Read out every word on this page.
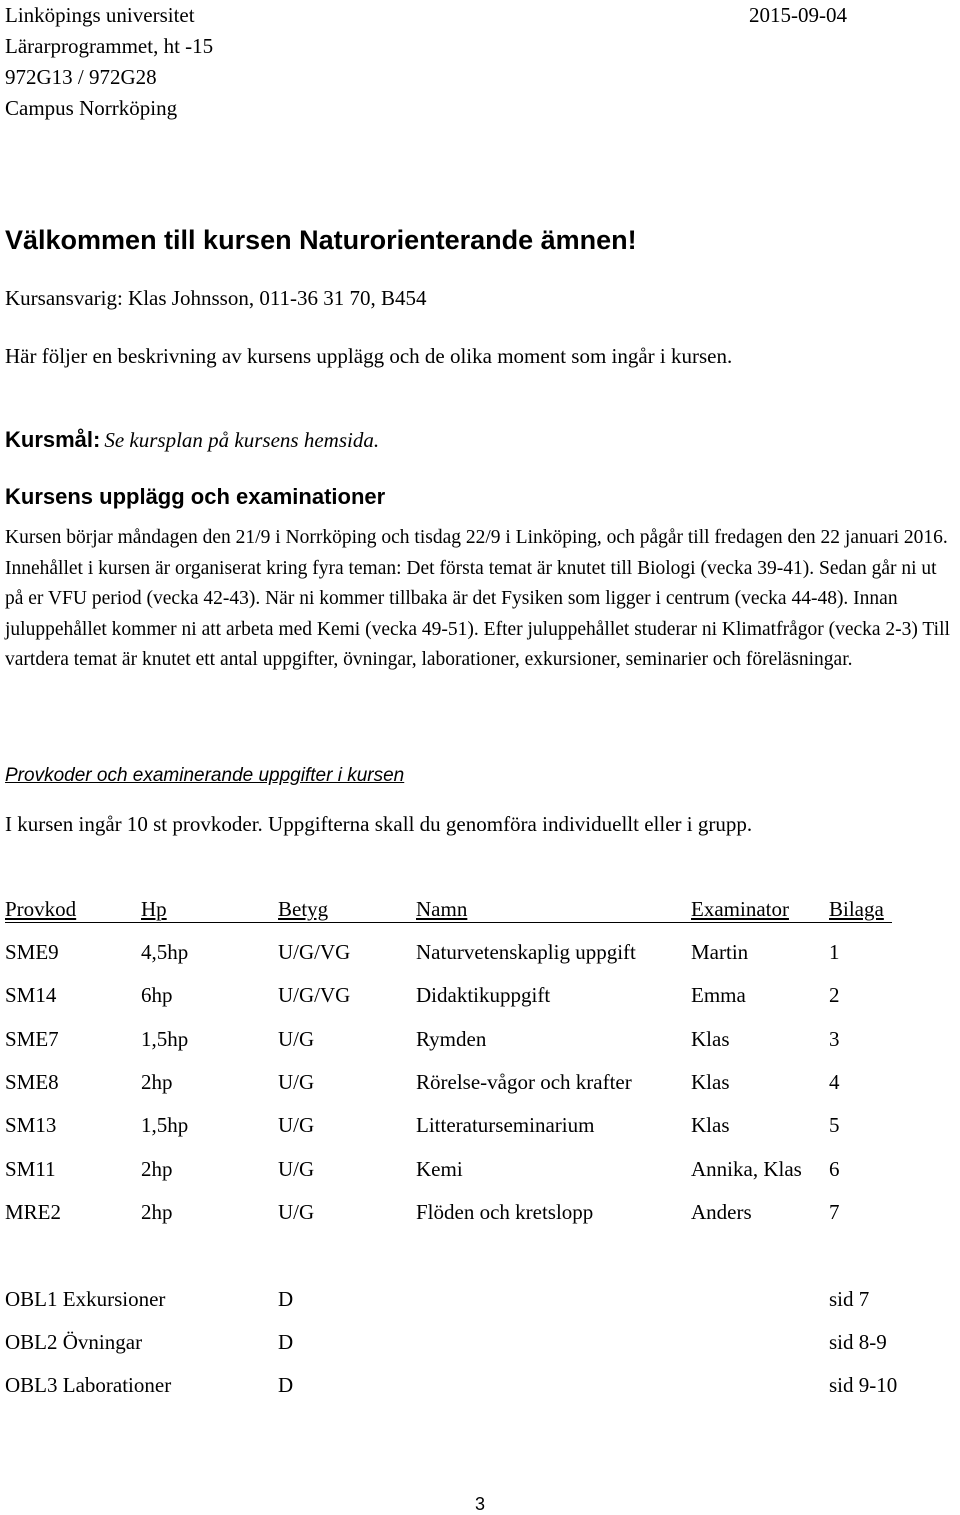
Linköpings universitet
Lärarprogrammet, ht -15
972G13 / 972G28
Campus Norrköping
2015-09-04
Välkommen till kursen Naturorienterande ämnen!
Kursansvarig: Klas Johnsson, 011-36 31 70, B454
Här följer en beskrivning av kursens upplägg och de olika moment som ingår i kursen.
Kursmål: Se kursplan på kursens hemsida.
Kursens upplägg och examinationer
Kursen börjar måndagen den 21/9 i Norrköping och tisdag 22/9 i Linköping, och pågår till fredagen den 22 januari 2016. Innehållet i kursen är organiserat kring fyra teman: Det första temat är knutet till Biologi (vecka 39-41). Sedan går ni ut på er VFU period (vecka 42-43). När ni kommer tillbaka är det Fysiken som ligger i centrum (vecka 44-48). Innan juluppehållet kommer ni att arbeta med Kemi (vecka 49-51). Efter juluppehållet studerar ni Klimatfrågor (vecka 2-3) Till vartdera temat är knutet ett antal uppgifter, övningar, laborationer, exkursioner, seminarier och föreläsningar.
Provkoder och examinerande uppgifter i kursen
I kursen ingår 10 st provkoder. Uppgifterna skall du genomföra individuellt eller i grupp.
Provkod	Hp	Betyg	Namn	Examinator Bilaga
SME9	4,5hp	U/G/VG	Naturvetenskaplig uppgift	Martin	1
SM14	6hp	U/G/VG	Didaktikuppgift	Emma	2
SME7	1,5hp	U/G	Rymden	Klas	3
SME8	2hp	U/G	Rörelse-vågor och krafter	Klas	4
SM13	1,5hp	U/G	Litteraturseminarium	Klas	5
SM11	2hp	U/G	Kemi	Annika, Klas 6
MRE2	2hp	U/G	Flöden och kretslopp	Anders	7
OBL1 Exkursioner	D	sid 7
OBL2 Övningar	D	sid 8-9
OBL3 Laborationer	D	sid 9-10
3
